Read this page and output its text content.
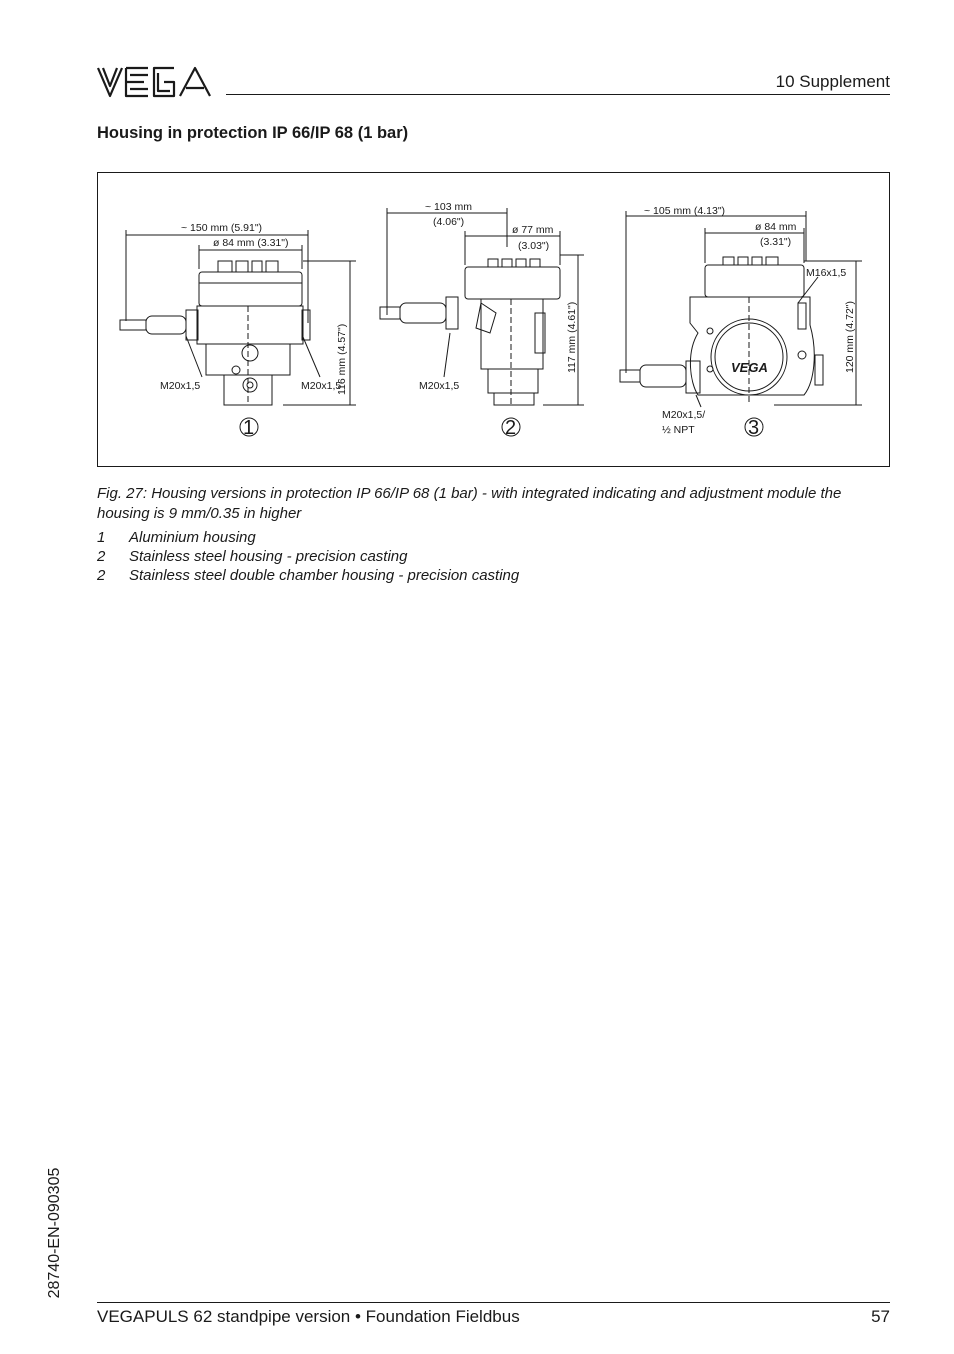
10 Supplement
Housing in protection IP 66/IP 68 (1 bar)
~ 150 mm (5.91")
ø 84 mm (3.31")
116 mm (4.57")
M20x1,5	M20x1,5
1
~ 103 mm
(4.06")
ø 77 mm
(3.03")
117 mm (4.61")
M20x1,5
2
~ 105 mm (4.13")
ø 84 mm
(3.31")
M16x1,5
120 mm (4.72")
M20x1,5/
½ NPT
VEGA
3
Fig. 27: Housing versions in protection IP 66/IP 68 (1 bar) - with integrated indicating and adjustment module the housing is 9 mm/0.35 in higher
1 Aluminium housing
2 Stainless steel housing - precision casting
2 Stainless steel double chamber housing - precision casting
28740-EN-090305
VEGAPULS 62 standpipe version • Foundation Fieldbus	57
